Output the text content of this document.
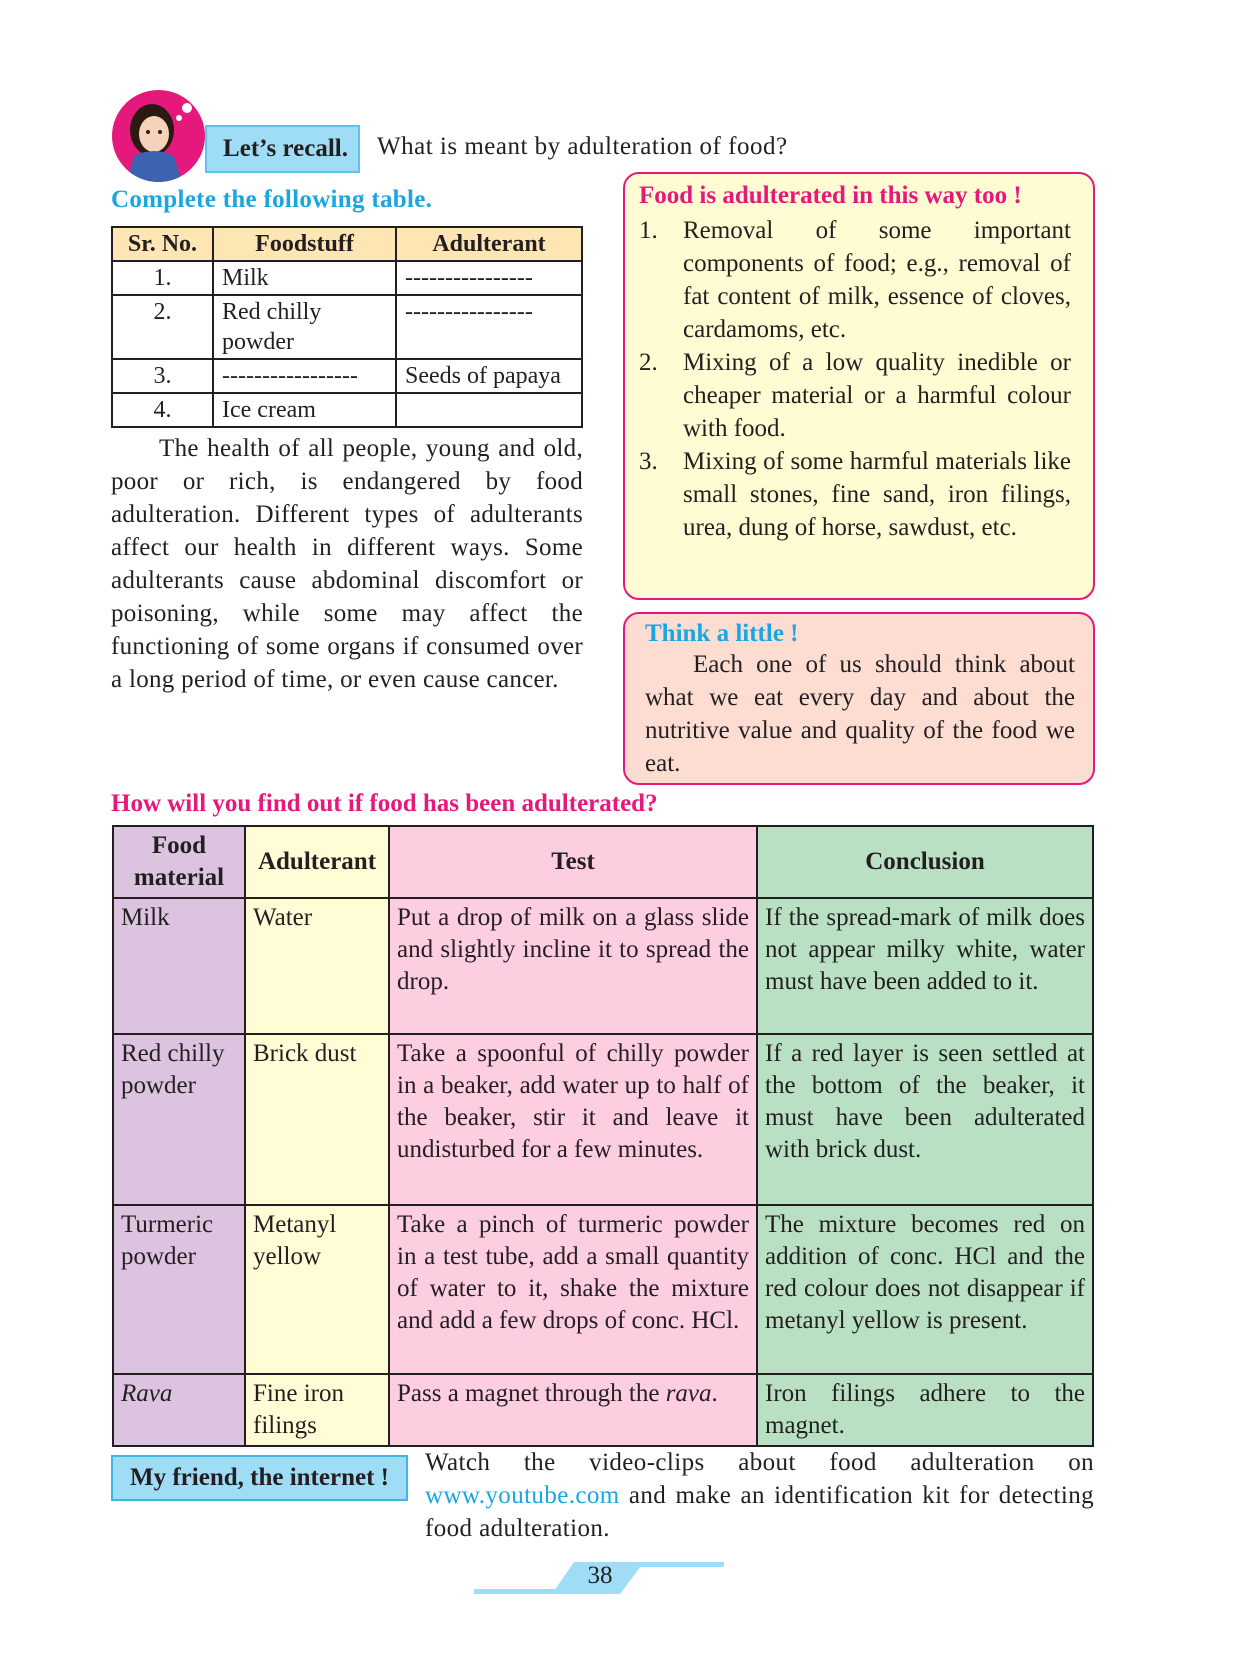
Let’s recall.	What is meant by adulteration of food?
Complete the following table.
Sr. No.	Foodstuff	Adulterant
1.	Milk	----------------
2.	Red chilly powder	----------------
3.	-----------------	Seeds of papaya
4.	Ice cream	

The health of all people, young and old, poor or rich, is endangered by food adulteration. Different types of adulterants affect our health in different ways. Some adulterants cause abdominal discomfort or poisoning, while some may affect the functioning of some organs if consumed over a long period of time, or even cause cancer.

Food is adulterated in this way too !
1.	Removal of some important components of food; e.g., removal of fat content of milk, essence of cloves, cardamoms, etc.
2.	Mixing of a low quality inedible or cheaper material or a harmful colour with food.
3.	Mixing of some harmful materials like small stones, fine sand, iron filings, urea, dung of horse, sawdust, etc.
Think a little !

Each one of us should think about what we eat every day and about the nutritive value and quality of the food we eat.

How will you find out if food has been adulterated?
Food material	Adulterant	Test	Conclusion
Milk	Water	Put a drop of milk on a glass slide and slightly incline it to spread the drop.	If the spread-mark of milk does not appear milky white, water must have been added to it.
Red chilly powder	Brick dust	Take a spoonful of chilly powder in a beaker, add water up to half of the beaker, stir it and leave it undisturbed for a few minutes.	If a red layer is seen settled at the bottom of the beaker, it must have been adulterated with brick dust.
Turmeric powder	Metanyl yellow	Take a pinch of turmeric powder in a test tube, add a small quantity of water to it, shake the mixture and add a few drops of conc. HCl.	The mixture becomes red on addition of conc. HCl and the red colour does not disappear if metanyl yellow is present.
Rava	Fine iron filings	Pass a magnet through the rava.	Iron filings adhere to the magnet.
My friend, the internet !

Watch the video-clips about food adulteration on www.youtube.com and make an identification kit for detecting food adulteration.

38
